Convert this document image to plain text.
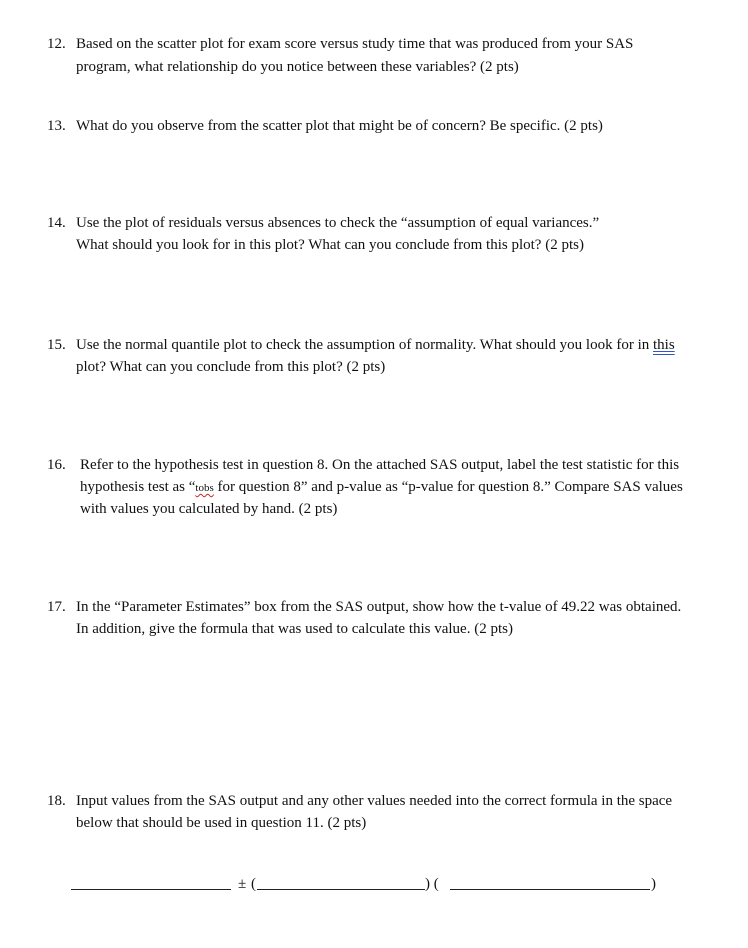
12. Based on the scatter plot for exam score versus study time that was produced from your SAS
program, what relationship do you notice between these variables? (2 pts)
13. What do you observe from the scatter plot that might be of concern? Be specific. (2 pts)
14. Use the plot of residuals versus absences to check the “assumption of equal variances.”
What should you look for in this plot? What can you conclude from this plot? (2 pts)
15. Use the normal quantile plot to check the assumption of normality. What should you look for in this
plot? What can you conclude from this plot? (2 pts)
16. Refer to the hypothesis test in question 8. On the attached SAS output, label the test statistic for this
hypothesis test as “tobs for question 8” and p-value as “p-value for question 8.” Compare SAS values
with values you calculated by hand. (2 pts)
17. In the “Parameter Estimates” box from the SAS output, show how the t-value of 49.22 was obtained.
In addition, give the formula that was used to calculate this value. (2 pts)
18. Input values from the SAS output and any other values needed into the correct formula in the space
below that should be used in question 11. (2 pts)
± (	) (	)
